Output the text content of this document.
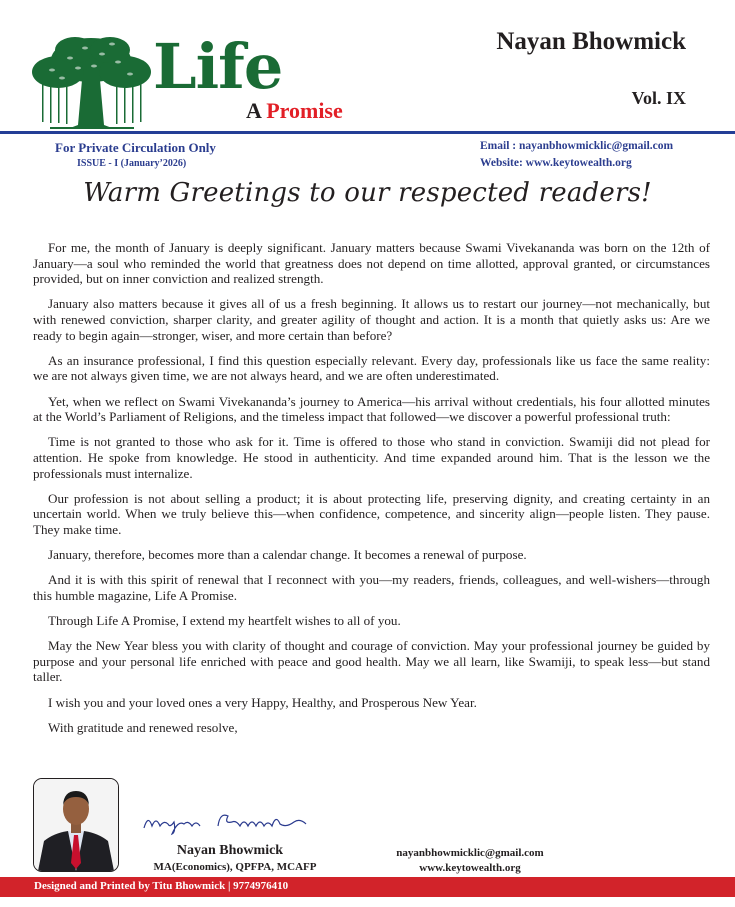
Life
A Promise
Nayan Bhowmick
Vol. IX
For Private Circulation Only
ISSUE - I (January’2026)
Email : nayanbhowmicklic@gmail.com
Website: www.keytowealth.org
Warm Greetings to our respected readers!

For me, the month of January is deeply significant. January matters because Swami Vivekananda was born on the 12th of January—a soul who reminded the world that greatness does not depend on time allotted, approval granted, or circumstances provided, but on inner conviction and realized strength.

January also matters because it gives all of us a fresh beginning. It allows us to restart our journey—not mechanically, but with renewed conviction, sharper clarity, and greater agility of thought and action. It is a month that quietly asks us: Are we ready to begin again—stronger, wiser, and more certain than before?

As an insurance professional, I find this question especially relevant. Every day, professionals like us face the same reality: we are not always given time, we are not always heard, and we are often underestimated.

Yet, when we reflect on Swami Vivekananda’s journey to America—his arrival without credentials, his four allotted minutes at the World’s Parliament of Religions, and the timeless impact that followed—we discover a powerful professional truth:

Time is not granted to those who ask for it. Time is offered to those who stand in conviction. Swamiji did not plead for attention. He spoke from knowledge. He stood in authenticity. And time expanded around him. That is the lesson we the professionals must internalize.

Our profession is not about selling a product; it is about protecting life, preserving dignity, and creating certainty in an uncertain world. When we truly believe this—when confidence, competence, and sincerity align—people listen. They pause. They make time.

January, therefore, becomes more than a calendar change. It becomes a renewal of purpose.

And it is with this spirit of renewal that I reconnect with you—my readers, friends, colleagues, and well-wishers—through this humble magazine, Life A Promise.

Through Life A Promise, I extend my heartfelt wishes to all of you.

May the New Year bless you with clarity of thought and courage of conviction. May your professional journey be guided by purpose and your personal life enriched with peace and good health. May we all learn, like Swamiji, to speak less—but stand taller.

I wish you and your loved ones a very Happy, Healthy, and Prosperous New Year.

With gratitude and renewed resolve,

Nayan Bhowmick
MA(Economics), QPFPA, MCAFP
nayanbhowmicklic@gmail.com
www.keytowealth.org
Designed and Printed by Titu Bhowmick | 9774976410
